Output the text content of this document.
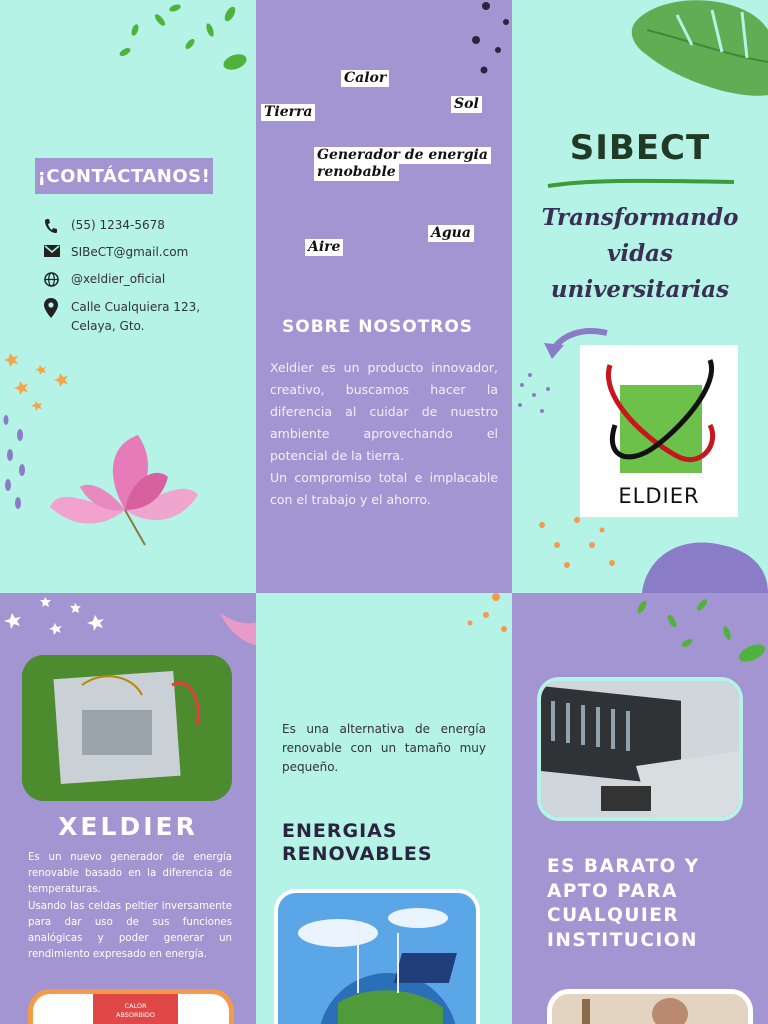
¡CONTÁCTANOS!
(55) 1234-5678
SIBeCT@gmail.com
@xeldier_oficial
Calle Cualquiera 123,
Celaya, Gto.
Calor
Sol
Tierra
Generador de energia
renobable
Agua
Aire
SOBRE NOSOTROS

Xeldier es un producto innovador, creativo, buscamos hacer la diferencia al cuidar de nuestro ambiente aprovechando el potencial de la tierra.

Un compromiso total e implacable con el trabajo y el ahorro.

SIBECT
Transformando
vidas
universitarias
ELDIER
CALOR
ABSORBIDO
XELDIER

Es un nuevo generador de energía renovable basado en la diferencia de temperaturas.

Usando las celdas peltier inversamente para dar uso de sus funciones analógicas y poder generar un rendimiento expresado en energía.

Es una alternativa de energía renovable con un tamaño muy pequeño.
ENERGIAS
RENOVABLES
ES BARATO Y
APTO PARA
CUALQUIER
INSTITUCION
